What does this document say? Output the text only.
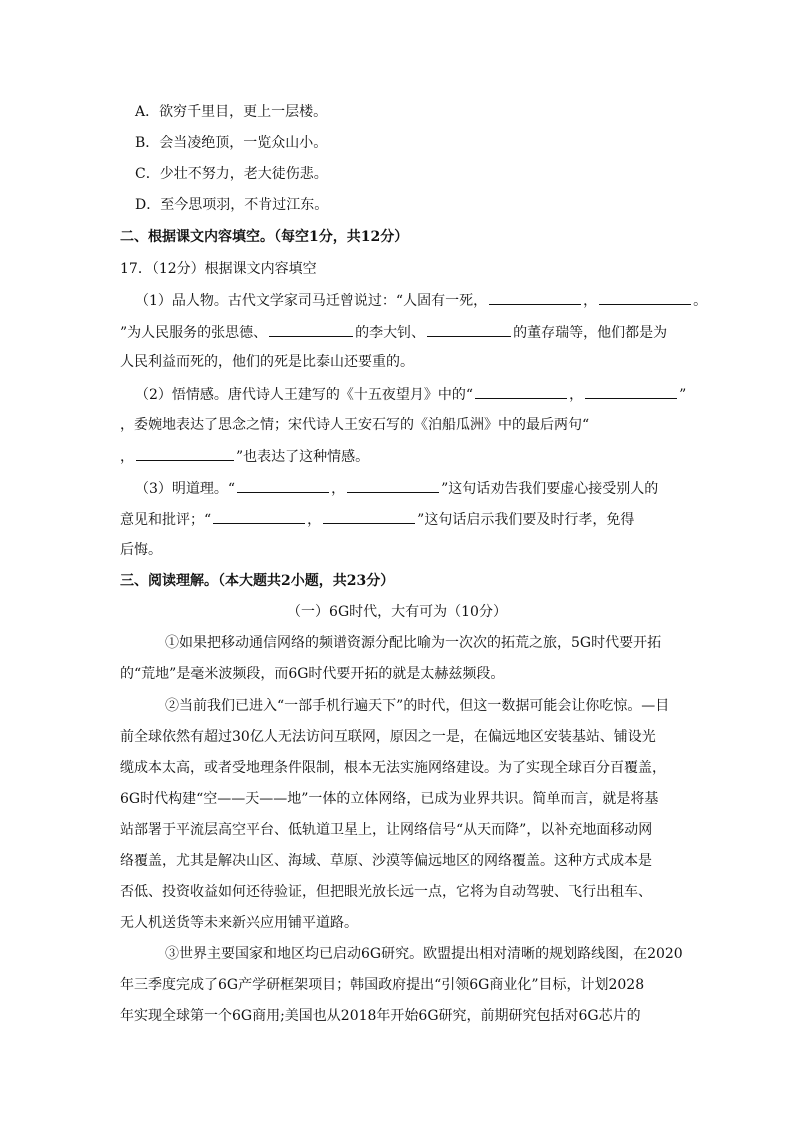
A．欲穷千里目，更上一层楼。
B．会当凌绝顶，一览众山小。
C．少壮不努力，老大徒伤悲。
D．至今思项羽，不肯过江东。
二、根据课文内容填空。（每空1分，共12分）
17．（12分）根据课文内容填空
（1）品人物。古代文学家司马迁曾说过：“人固有一死，	，	。
”为人民服务的张思德、	的李大钊、	的董存瑞等，他们都是为
人民利益而死的，他们的死是比泰山还要重的。
（2）悟情感。唐代诗人王建写的《十五夜望月》中的“	，	”
，委婉地表达了思念之情；宋代诗人王安石写的《泊船瓜洲》中的最后两句“
，	”也表达了这种情感。
（3）明道理。“	，	”这句话劝告我们要虚心接受别人的
意见和批评；“	，	”这句话启示我们要及时行孝，免得
后悔。
三、阅读理解。（本大题共2小题，共23分）
（一）6G时代，大有可为（10分）
①如果把移动通信网络的频谱资源分配比喻为一次次的拓荒之旅，5G时代要开拓
的“荒地”是毫米波频段，而6G时代要开拓的就是太赫兹频段。
②当前我们已进入“一部手机行遍天下”的时代，但这一数据可能会让你吃惊。—目
前全球依然有超过30亿人无法访问互联网，原因之一是，在偏远地区安装基站、铺设光
缆成本太高，或者受地理条件限制，根本无法实施网络建设。为了实现全球百分百覆盖，
6G时代构建“空——天——地”一体的立体网络，已成为业界共识。简单而言，就是将基
站部署于平流层高空平台、低轨道卫星上，让网络信号“从天而降”，以补充地面移动网
络覆盖，尤其是解决山区、海域、草原、沙漠等偏远地区的网络覆盖。这种方式成本是
否低、投资收益如何还待验证，但把眼光放长远一点，它将为自动驾驶、飞行出租车、
无人机送货等未来新兴应用铺平道路。
③世界主要国家和地区均已启动6G研究。欧盟提出相对清晰的规划路线图，在2020
年三季度完成了6G产学研框架项目；韩国政府提出“引领6G商业化”目标，计划2028
年实现全球第一个6G商用;美国也从2018年开始6G研究，前期研究包括对6G芯片的
